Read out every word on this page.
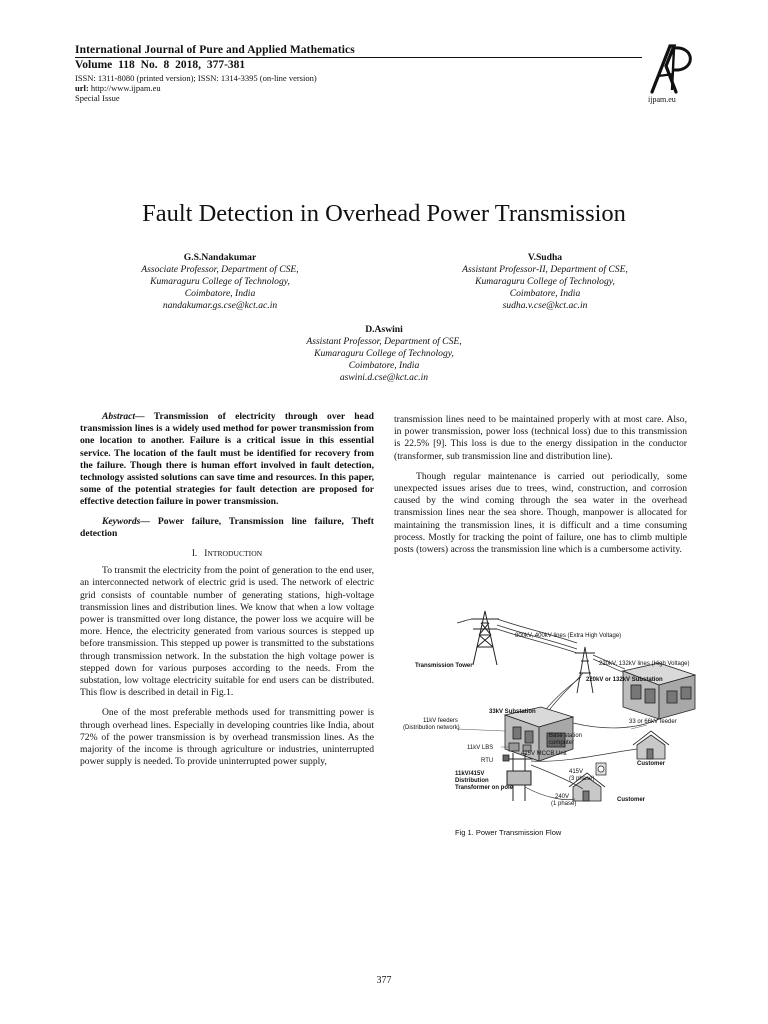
International Journal of Pure and Applied Mathematics
Volume 118 No. 8 2018, 377-381
ISSN: 1311-8080 (printed version); ISSN: 1314-3395 (on-line version)
url: http://www.ijpam.eu
Special Issue	ijpam.eu
Fault Detection in Overhead Power Transmission
G.S.Nandakumar
Associate Professor, Department of CSE,
Kumaraguru College of Technology,
Coimbatore, India
nandakumar.gs.cse@kct.ac.in
V.Sudha
Assistant Professor-II, Department of CSE,
Kumaraguru College of Technology,
Coimbatore, India
sudha.v.cse@kct.ac.in
D.Aswini
Assistant Professor, Department of CSE,
Kumaraguru College of Technology,
Coimbatore, India
aswini.d.cse@kct.ac.in

Abstract— Transmission of electricity through over head transmission lines is a widely used method for power transmission from one location to another. Failure is a critical issue in this essential service. The location of the fault must be identified for recovery from the failure. Though there is human effort involved in fault detection, technology assisted solutions can save time and resources. In this paper, some of the potential strategies for fault detection are proposed for effective detection failure in power transmission.

Keywords— Power failure, Transmission line failure, Theft detection

I. INTRODUCTION

To transmit the electricity from the point of generation to the end user, an interconnected network of electric grid is used. The network of electric grid consists of countable number of generating stations, high-voltage transmission lines and distribution lines. We know that when a low voltage power is transmitted over long distance, the power loss we acquire will be more. Hence, the electricity generated from various sources is stepped up before transmission. This stepped up power is transmitted to the substations through transmission network. In the substation the high voltage power is stepped down for various purposes according to the needs. From the substation, low voltage electricity suitable for end users can be distributed. This flow is described in detail in Fig.1.

One of the most preferable methods used for transmitting power is through overhead lines. Especially in developing countries like India, about 72% of the power transmission is by overhead transmission lines. As the majority of the income is through agriculture or industries, uninterrupted power supply is needed. To provide uninterrupted power supply,

transmission lines need to be maintained properly with at most care. Also, in power transmission, power loss (technical loss) due to this transmission is 22.5% [9]. This loss is due to the energy dissipation in the conductor (transformer, sub transmission line and distribution line).

Though regular maintenance is carried out periodically, some unexpected issues arises due to trees, wind, construction, and corrosion caused by the wind coming through the sea water in the overhead transmission lines near the sea shore. Though, manpower is allocated for maintaining the transmission lines, it is difficult and a time consuming process. Mostly for tracking the point of failure, one has to climb multiple posts (towers) across the transmission line which is a cumbersome activity.

800kV, 400kV lines (Extra High Voltage)
Transmission Tower	220kV, 132kV lines (High Voltage)
220kV or 132kV Substation
33kV Substation
11kV feeders
(Distribution network)
33 or 66kV feeder
Base station
computer
11kV LBS
415V MCCB Unit
RTU	Customer
11kV/415V
Distribution
Transformer on pole
415V
(3 phase)
240V
(1 phase)
Customer
Fig 1. Power Transmission Flow
377
